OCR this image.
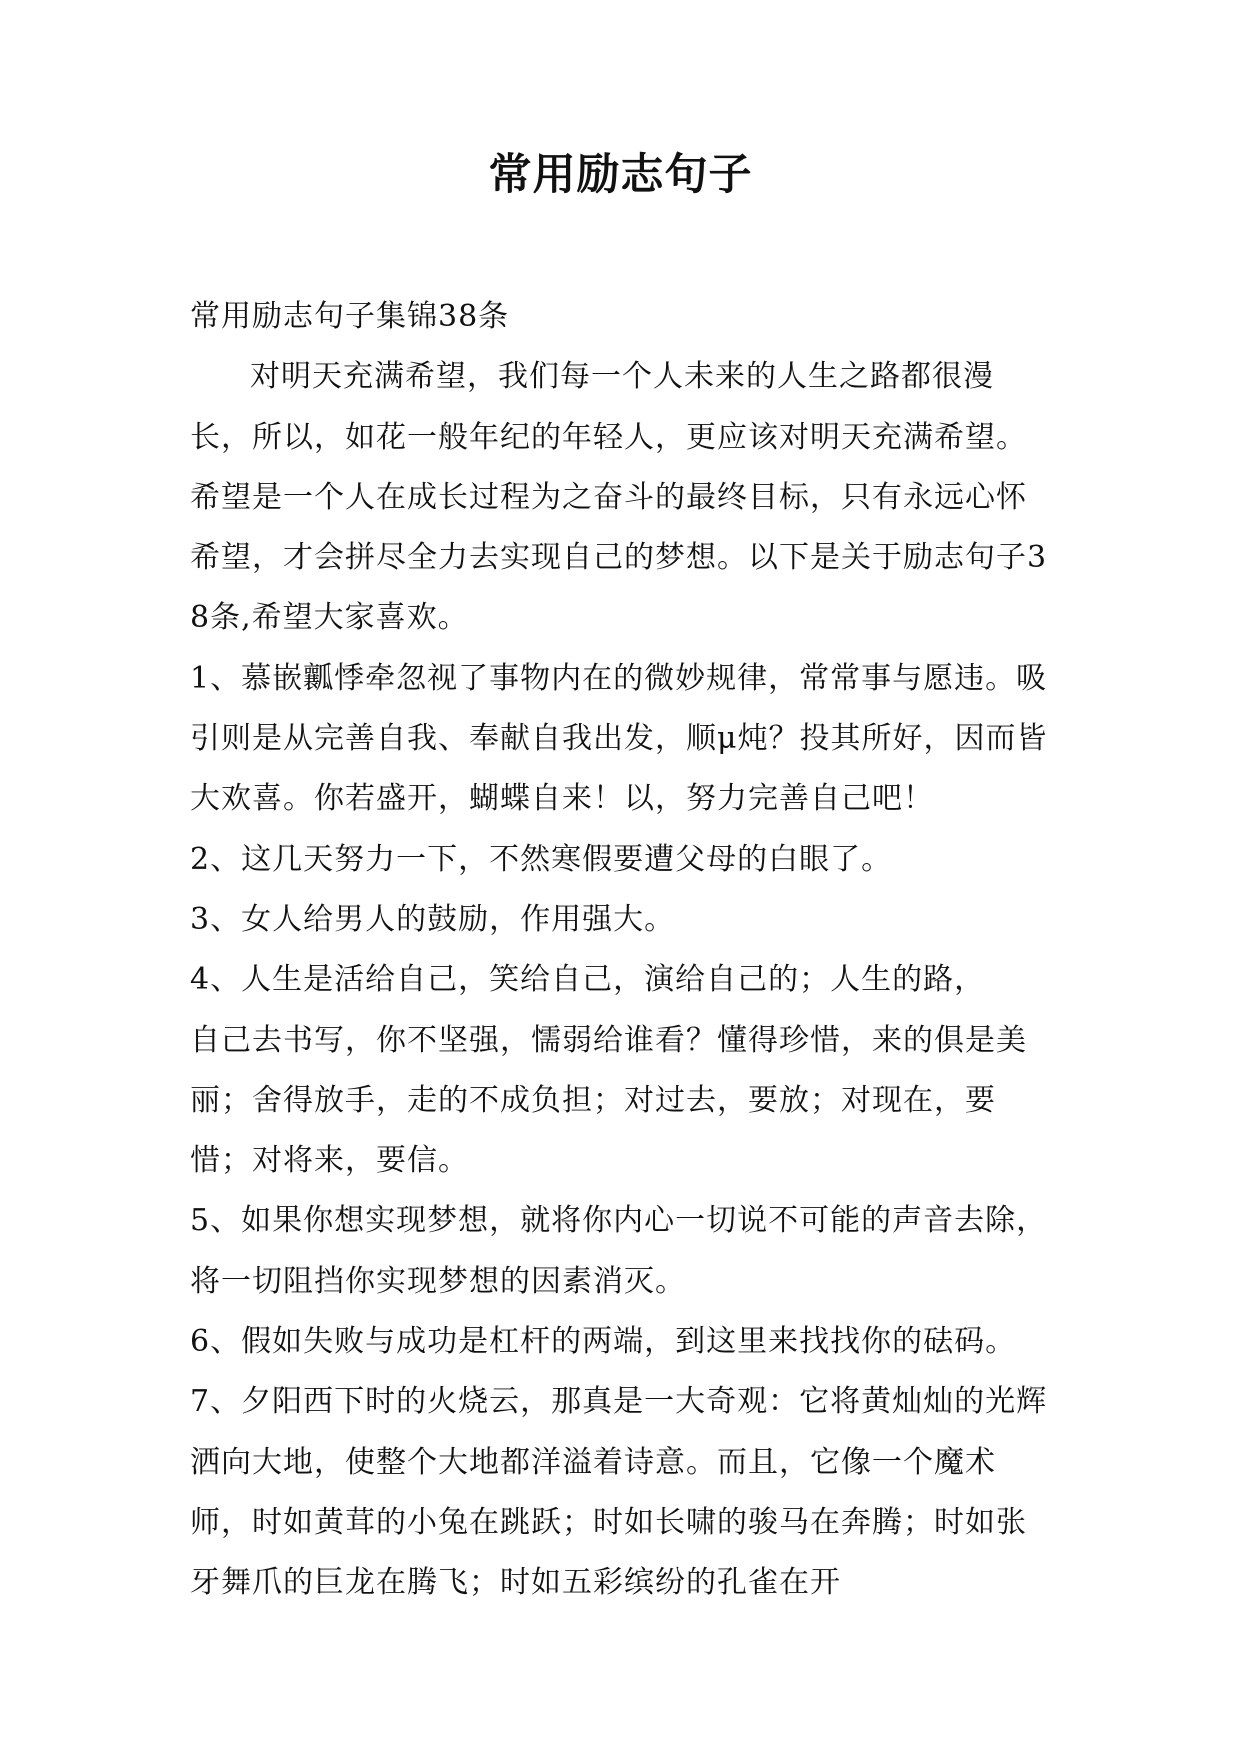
常用励志句子

常用励志句子集锦38条

对明天充满希望，我们每一个人未来的人生之路都很漫长，所以，如花一般年纪的年轻人，更应该对明天充满希望。希望是一个人在成长过程为之奋斗的最终目标，只有永远心怀希望，才会拼尽全力去实现自己的梦想。以下是关于励志句子38条,希望大家喜欢。

1、慕嵌瓤悸牵忽视了事物内在的微妙规律，常常事与愿违。吸引则是从完善自我、奉献自我出发，顺μ炖？投其所好，因而皆大欢喜。你若盛开，蝴蝶自来！以，努力完善自己吧！

2、这几天努力一下，不然寒假要遭父母的白眼了。

3、女人给男人的鼓励，作用强大。

4、人生是活给自己，笑给自己，演给自己的；人生的路，

自己去书写，你不坚强，懦弱给谁看？懂得珍惜，来的俱是美丽；舍得放手，走的不成负担；对过去，要放；对现在，要惜；对将来，要信。

5、如果你想实现梦想，就将你内心一切说不可能的声音去除，将一切阻挡你实现梦想的因素消灭。

6、假如失败与成功是杠杆的两端，到这里来找找你的砝码。

7、夕阳西下时的火烧云，那真是一大奇观：它将黄灿灿的光辉洒向大地，使整个大地都洋溢着诗意。而且，它像一个魔术师，时如黄茸的小兔在跳跃；时如长啸的骏马在奔腾；时如张牙舞爪的巨龙在腾飞；时如五彩缤纷的孔雀在开
